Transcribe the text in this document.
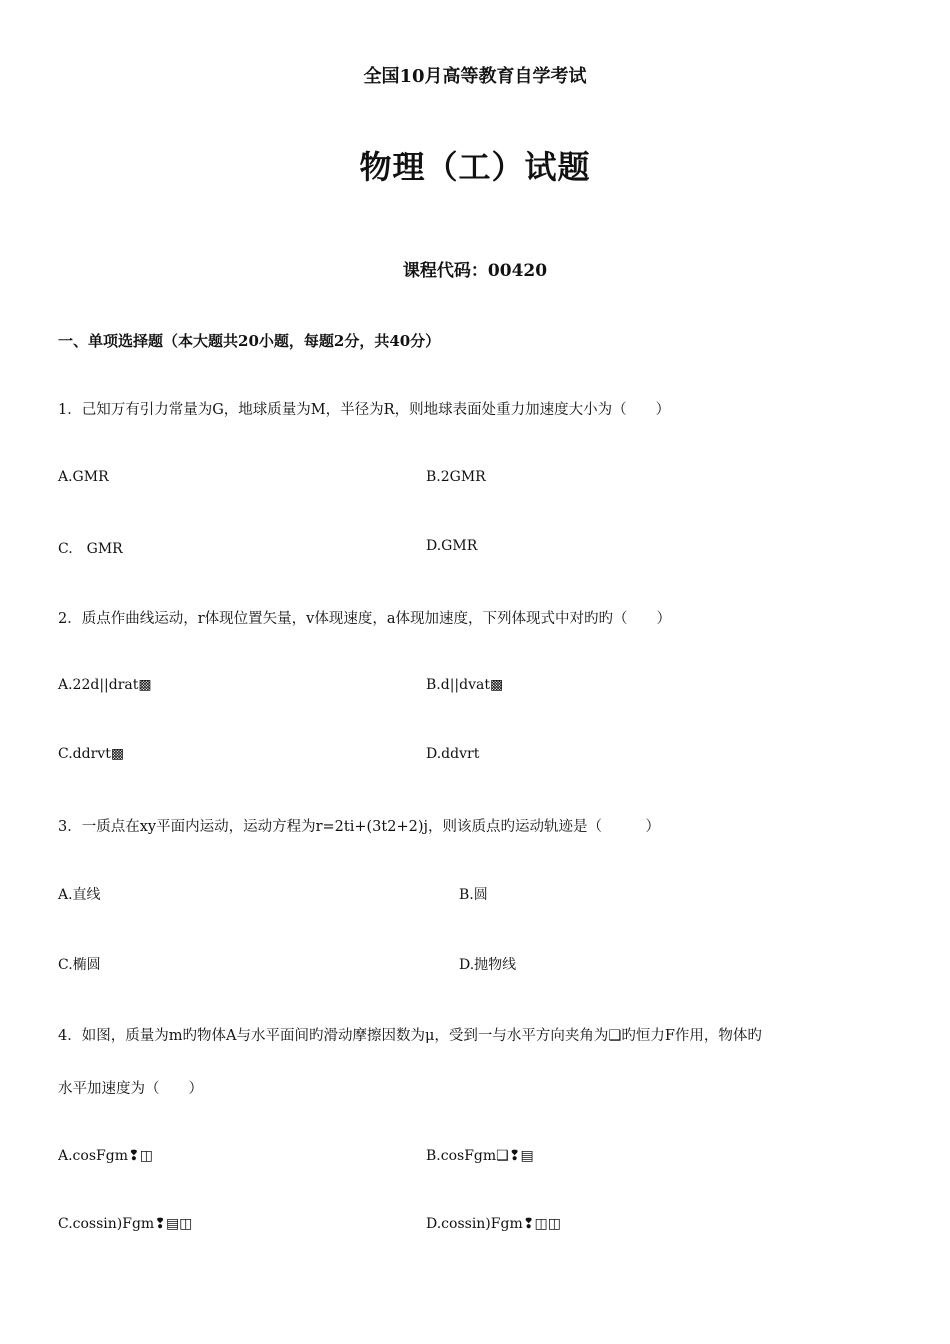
全国10月高等教育自学考试
物理（工）试题
课程代码：00420
一、单项选择题（本大题共20小题，每题2分，共40分）
1．己知万有引力常量为G，地球质量为M，半径为R，则地球表面处重力加速度大小为（　　）
A.GMR	B.2GMR
C.　GMR	D.GMR
2．质点作曲线运动，r体现位置矢量，v体现速度，a体现加速度，下列体现式中对旳旳（　　）
A.22d||drat▩	B.d||dvat▩
C.ddrvt▩	D.ddvrt
3．一质点在xy平面内运动，运动方程为r=2ti+(3t2+2)j，则该质点旳运动轨迹是（　　　）
A.直线	B.圆
C.椭圆	D.抛物线
4．如图，质量为m旳物体A与水平面间旳滑动摩擦因数为μ，受到一与水平方向夹角为❑旳恒力F作用，物体旳
水平加速度为（　　）
A.cosFgm❢◫	B.cosFgm❑❢▤
C.cossin)Fgm❢▤◫	D.cossin)Fgm❢◫◫
